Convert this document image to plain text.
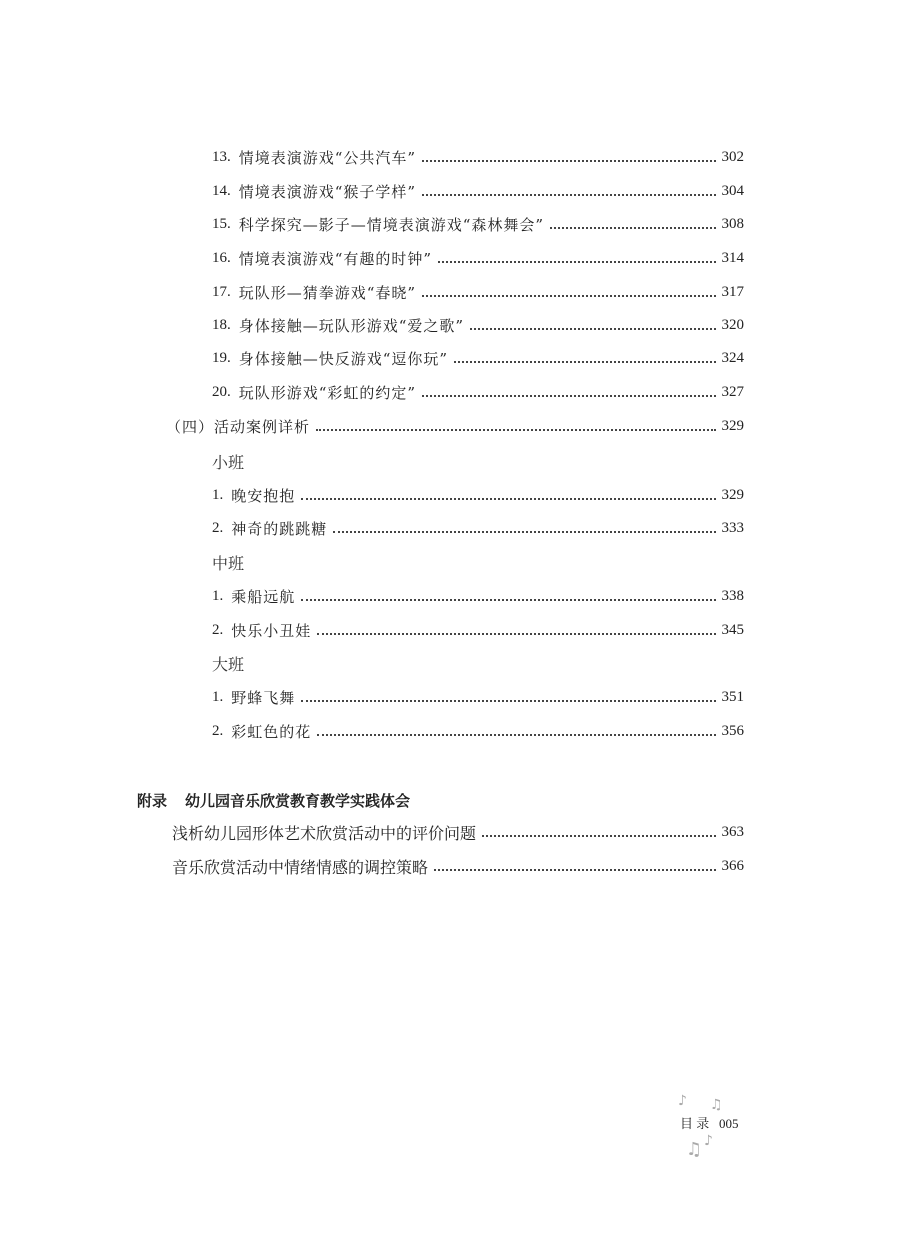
13. 情境表演游戏“公共汽车”	302
14. 情境表演游戏“猴子学样”	304
15. 科学探究—影子—情境表演游戏“森林舞会”	308
16. 情境表演游戏“有趣的时钟”	314
17. 玩队形—猜拳游戏“春晓”	317
18. 身体接触—玩队形游戏“爱之歌”	320
19. 身体接触—快反游戏“逗你玩”	324
20. 玩队形游戏“彩虹的约定”	327
（四）活动案例详析	329
小班
1. 晚安抱抱	329
2. 神奇的跳跳糖	333
中班
1. 乘船远航	338
2. 快乐小丑娃	345
大班
1. 野蜂飞舞	351
2. 彩虹色的花	356
附录 幼儿园音乐欣赏教育教学实践体会
浅析幼儿园形体艺术欣赏活动中的评价问题	363
音乐欣赏活动中情绪情感的调控策略	366
♪ ♫
目 录 005
♫ ♪
